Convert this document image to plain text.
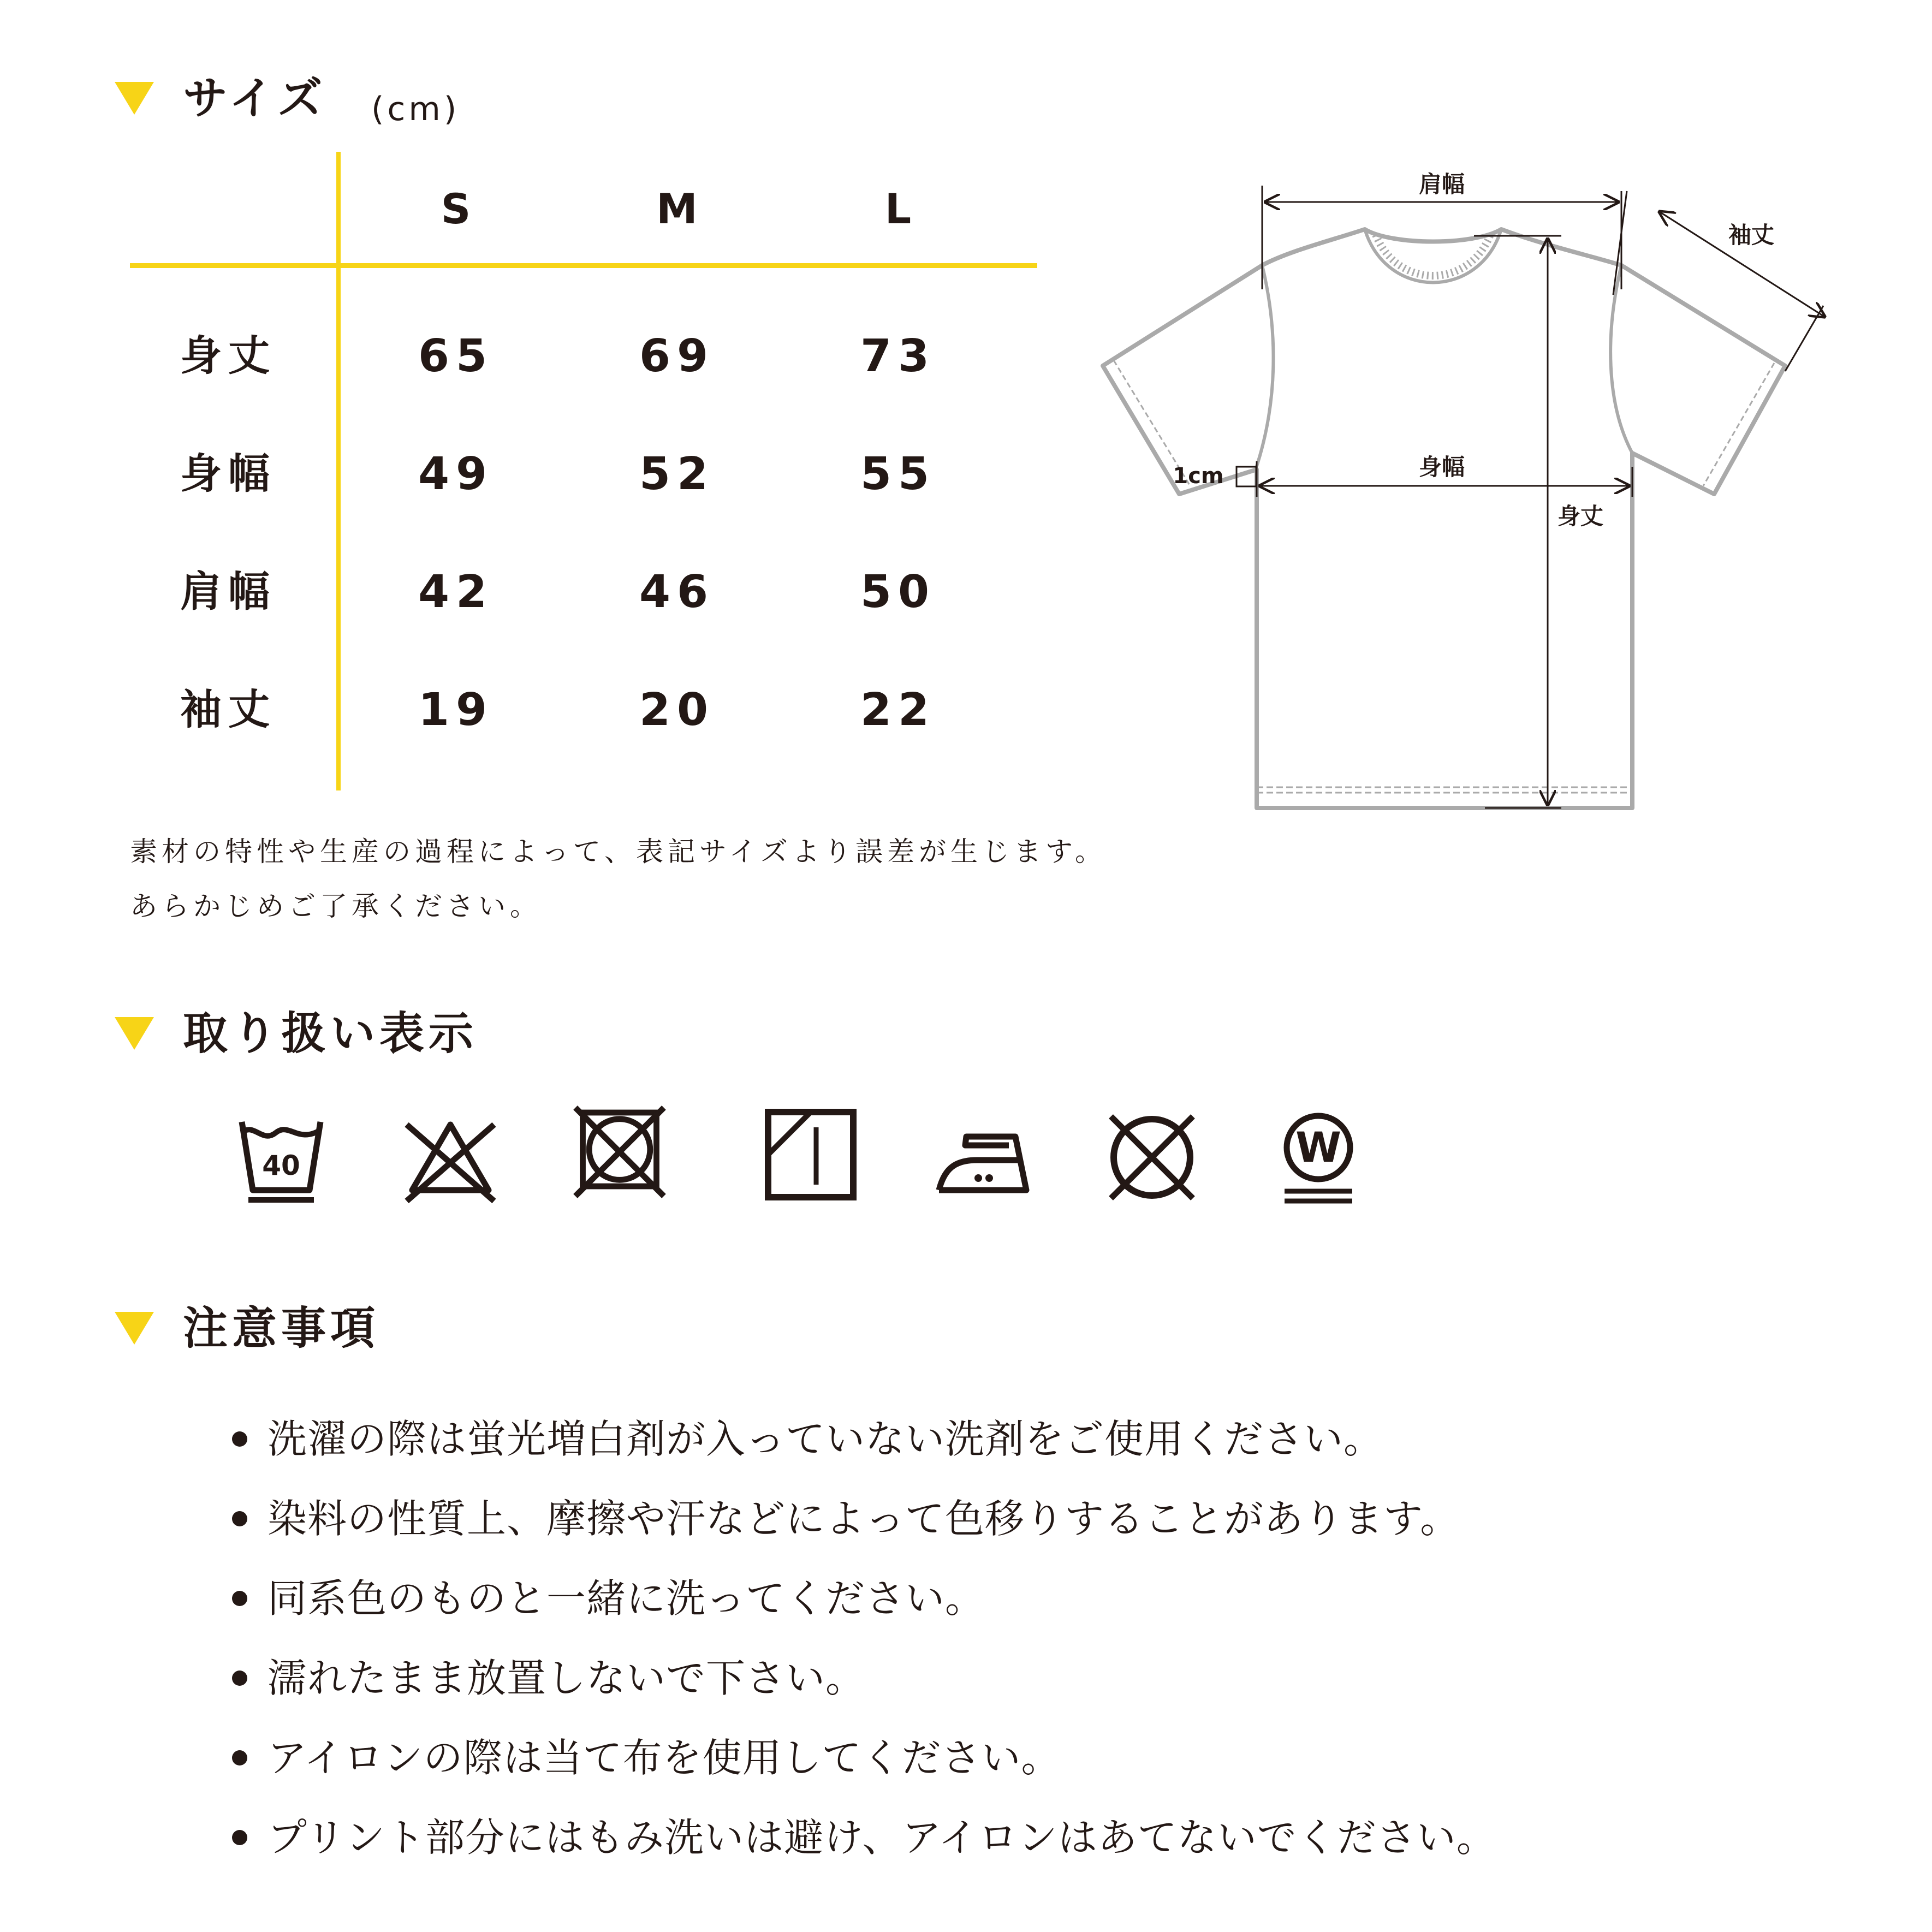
サイズ (cm)
S	M	L
身丈	65	69	73
身幅	49	52	55
肩幅	42	46	50
袖丈	19	20	22
素材の特性や生産の過程によって、表記サイズより誤差が生じます。
あらかじめご了承ください。
肩幅
袖丈
身幅
身丈
1cm
取り扱い表示
40	W
注意事項
洗濯の際は蛍光増白剤が入っていない洗剤をご使用ください。
染料の性質上、摩擦や汗などによって色移りすることがあります。
同系色のものと一緒に洗ってください。
濡れたまま放置しないで下さい。
アイロンの際は当て布を使用してください。
プリント部分にはもみ洗いは避け、アイロンはあてないでください。
